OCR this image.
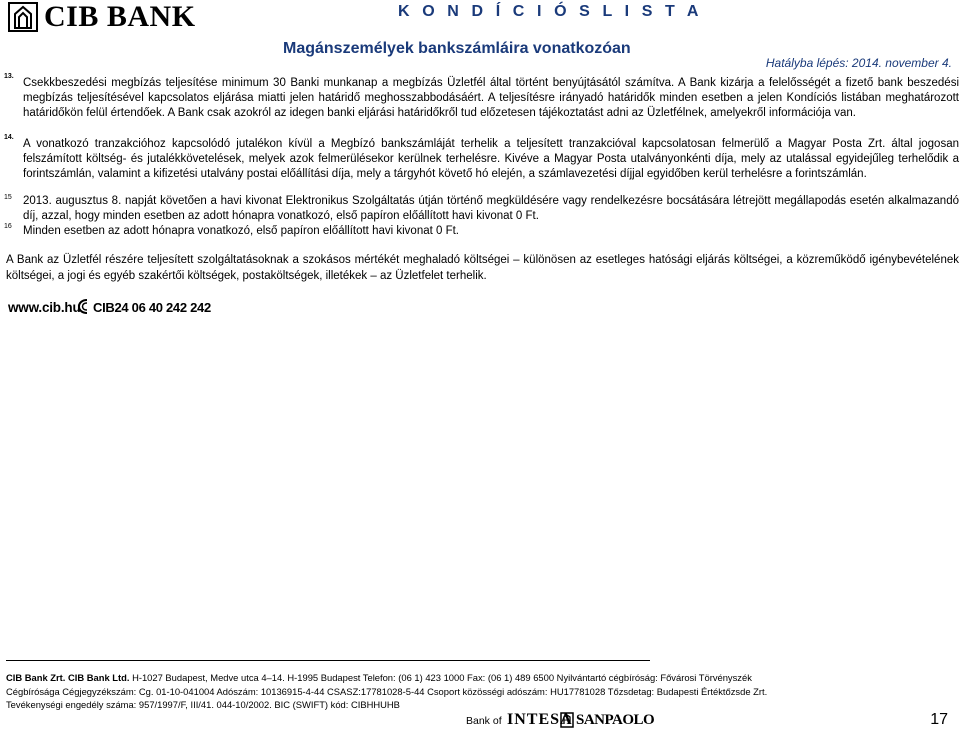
CIB BANK	K O N D Í C I Ó S L I S T A
Magánszemélyek bankszámláira vonatkozóan
Hatályba lépés: 2014. november 4.
13.
Csekkbeszedési megbízás teljesítése minimum 30 Banki munkanap a megbízás Üzletfél által történt benyújtásától számítva. A Bank kizárja a felelősségét a fizető bank beszedési megbízás teljesítésével kapcsolatos eljárása miatti jelen határidő meghosszabbodásáért. A teljesítésre irányadó határidők minden esetben a jelen Kondíciós listában meghatározott határidőkön felül értendőek. A Bank csak azokról az idegen banki eljárási határidőkről tud előzetesen tájékoztatást adni az Üzletfélnek, amelyekről információja van.
14.
A vonatkozó tranzakcióhoz kapcsolódó jutalékon kívül a Megbízó bankszámláját terhelik a teljesített tranzakcióval kapcsolatosan felmerülő a Magyar Posta Zrt. által jogosan felszámított költség- és jutalékkövetelések, melyek azok felmerülésekor kerülnek terhelésre. Kivéve a Magyar Posta utalványonkénti díja, mely az utalással egyidejűleg terhelődik a forintszámlán, valamint a kifizetési utalvány postai előállítási díja, mely a tárgyhót követő hó elején, a számlavezetési díjjal egyidőben kerül terhelésre a forintszámlán.
15 2013. augusztus 8. napját követően a havi kivonat Elektronikus Szolgáltatás útján történő megküldésére vagy rendelkezésre bocsátására létrejött megállapodás esetén alkalmazandó díj, azzal, hogy minden esetben az adott hónapra vonatkozó, első papíron előállított havi kivonat 0 Ft.
16 Minden esetben az adott hónapra vonatkozó, első papíron előállított havi kivonat 0 Ft.
A Bank az Üzletfél részére teljesített szolgáltatásoknak a szokásos mértékét meghaladó költségei – különösen az esetleges hatósági eljárás költségei, a közreműködő igénybevételének költségei, a jogi és egyéb szakértői költségek, postaköltségek, illetékek – az Üzletfelet terhelik.
www.cib.hu CIB24 06 40 242 242
CIB Bank Zrt. CIB Bank Ltd. H-1027 Budapest, Medve utca 4–14. H-1995 Budapest Telefon: (06 1) 423 1000 Fax: (06 1) 489 6500 Nyilvántartó cégbíróság: Fővárosi Törvényszék
Cégbírósága Cégjegyzékszám: Cg. 01-10-041004 Adószám: 10136915-4-44 CSASZ:17781028-5-44 Csoport közösségi adószám: HU17781028 Tőzsdetag: Budapesti Értéktőzsde Zrt.
Tevékenységi engedély száma: 957/1997/F, III/41. 044-10/2002. BIC (SWIFT) kód: CIBHHUHB
Bank of INTESA SANPAOLO	17
